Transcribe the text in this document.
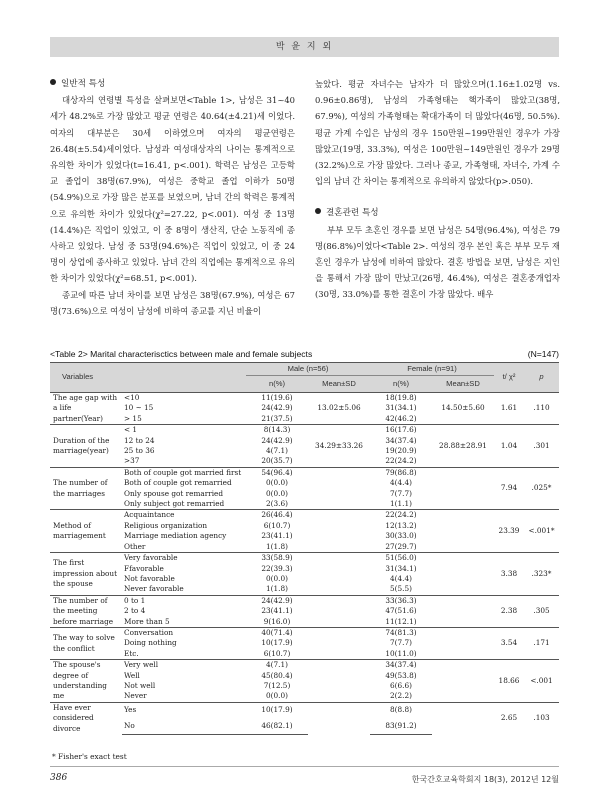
박 윤 지 외

일반적 특성

대상자의 연령별 특성을 살펴보면<Table 1>, 남성은 31~40세가 48.2%로 가장 많았고 평균 연령은 40.64(±4.21)세 이었다. 여자의 대부분은 30세 이하였으며 여자의 평균연령은 26.48(±5.54)세이었다. 남성과 여성대상자의 나이는 통계적으로 유의한 차이가 있었다(t=16.41, p<.001). 학력은 남성은 고등학교 졸업이 38명(67.9%), 여성은 중학교 졸업 이하가 50명(54.9%)으로 가장 많은 분포를 보였으며, 남녀 간의 학력은 통계적으로 유의한 차이가 있었다(χ²=27.22, p<.001). 여성 중 13명(14.4%)은 직업이 있었고, 이 중 8명이 생산직, 단순 노동직에 종사하고 있었다. 남성 중 53명(94.6%)은 직업이 있었고, 이 중 24명이 상업에 종사하고 있었다. 남녀 간의 직업에는 통계적으로 유의한 차이가 있었다(χ²=68.51, p<.001).

종교에 따른 남녀 차이를 보면 남성은 38명(67.9%), 여성은 67명(73.6%)으로 여성이 남성에 비하여 종교를 지닌 비율이

높았다. 평균 자녀수는 남자가 더 많았으며(1.16±1.02명 vs. 0.96±0.86명), 남성의 가족형태는 핵가족이 많았고(38명, 67.9%), 여성의 가족형태는 확대가족이 더 많았다(46명, 50.5%). 평균 가계 수입은 남성의 경우 150만원~199만원인 경우가 가장 많았고(19명, 33.3%), 여성은 100만원~149만원인 경우가 29명(32.2%)으로 가장 많았다. 그러나 종교, 가족형태, 자녀수, 가계 수입의 남녀 간 차이는 통계적으로 유의하지 않았다(p>.050).

결혼관련 특성

부부 모두 초혼인 경우를 보면 남성은 54명(96.4%), 여성은 79명(86.8%)이었다<Table 2>. 여성의 경우 본인 혹은 부부 모두 재혼인 경우가 남성에 비하여 많았다. 결혼 방법을 보면, 남성은 지인을 통해서 가장 많이 만났고(26명, 46.4%), 여성은 결혼중개업자(30명, 33.0%)를 통한 결혼이 가장 많았다. 배우

<Table 2> Marital characterisctics between male and female subjects	(N=147)
Variables		Male (n=56)		Female (n=91)		t/ χ²	p
		n(%)	Mean±SD	n(%)	Mean±SD		
The age gap with a life partner(Year)	<10	11(19.6)	13.02±5.06	18(19.8)	14.50±5.60	1.61	.110
	10 ~ 15	24(42.9)		31(34.1)			
	> 15	21(37.5)		42(46.2)			
Duration of the marriage(year)	< 1	8(14.3)	34.29±33.26	16(17.6)	28.88±28.91	1.04	.301
	12 to 24	24(42.9)		34(37.4)			
	25 to 36	4(7.1)		19(20.9)			
	>37	20(35.7)		22(24.2)			
The number of the marriages	Both of couple got married first	54(96.4)		79(86.8)		7.94	.025*
	Both of couple got remarried	0(0.0)		4(4.4)			
	Only spouse got remarried	0(0.0)		7(7.7)			
	Only subject got remarried	2(3.6)		1(1.1)			
Method of marriagement	Acquaintance	26(46.4)		22(24.2)		23.39	<.001*
	Religious organization	6(10.7)		12(13.2)			
	Marriage mediation agency	23(41.1)		30(33.0)			
	Other	1(1.8)		27(29.7)			
The first impression about the spouse	Very favorable	33(58.9)		51(56.0)		3.38	.323*
	Ffavorable	22(39.3)		31(34.1)			
	Not favorable	0(0.0)		4(4.4)			
	Never favorable	1(1.8)		5(5.5)			
The number of the meeting before marriage	0 to 1	24(42.9)		33(36.3)		2.38	.305
	2 to 4	23(41.1)		47(51.6)			
	More than 5	9(16.0)		11(12.1)			
The way to solve the conflict	Conversation	40(71.4)		74(81.3)		3.54	.171
	Doing nothing	10(17.9)		7(7.7)			
	Etc.	6(10.7)		10(11.0)			
The spouse's degree of understanding me	Very well	4(7.1)		34(37.4)		18.66	<.001
	Well	45(80.4)		49(53.8)			
	Not well	7(12.5)		6(6.6)			
	Never	0(0.0)		2(2.2)			
Have ever considered divorce	Yes	10(17.9)		8(8.8)		2.65	.103
	No	46(82.1)		83(91.2)			
* Fisher's exact test
386	한국간호교육학회지 18(3), 2012년 12월
